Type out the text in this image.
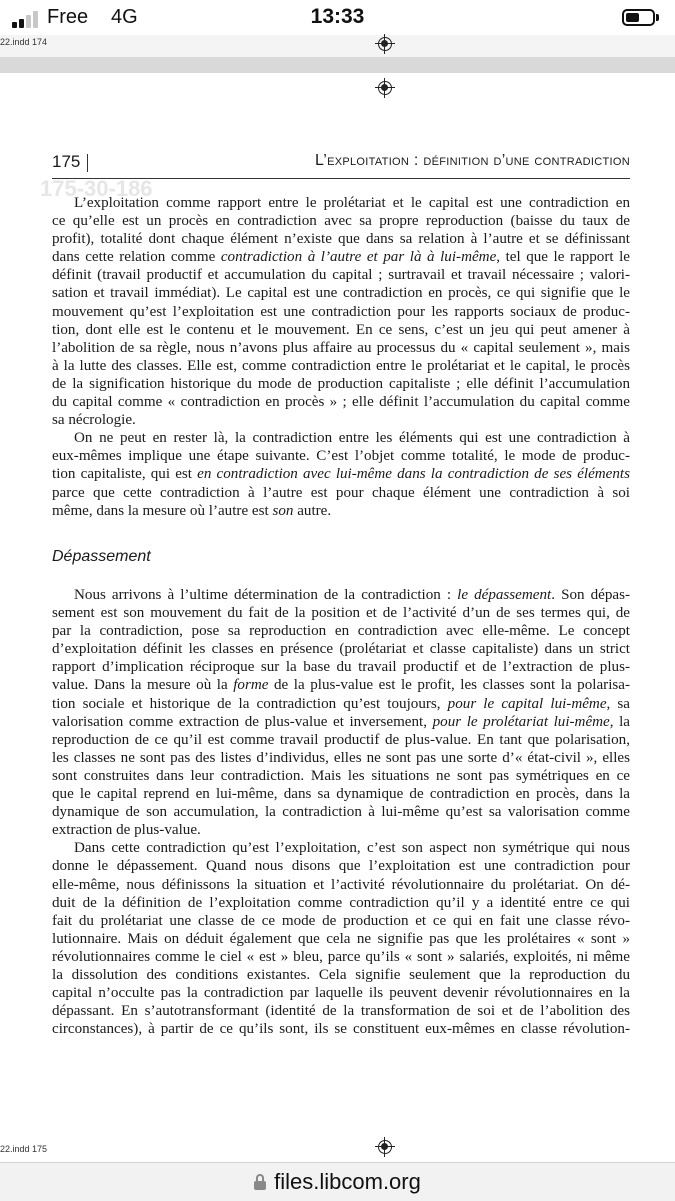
Free 4G	13:33
22.indd 174
175	L’exploitation : définition d’une contradiction
175-30-186

L’exploitation comme rapport entre le prolétariat et le capital est une contradiction en
ce qu’elle est un procès en contradiction avec sa propre reproduction (baisse du taux de
profit), totalité dont chaque élément n’existe que dans sa relation à l’autre et se définissant
dans cette relation comme contradiction à l’autre et par là à lui-même, tel que le rapport le
définit (travail productif et accumulation du capital ; surtravail et travail nécessaire ; valori-
sation et travail immédiat). Le capital est une contradiction en procès, ce qui signifie que le
mouvement qu’est l’exploitation est une contradiction pour les rapports sociaux de produc-
tion, dont elle est le contenu et le mouvement. En ce sens, c’est un jeu qui peut amener à
l’abolition de sa règle, nous n’avons plus affaire au processus du « capital seulement », mais
à la lutte des classes. Elle est, comme contradiction entre le prolétariat et le capital, le procès
de la signification historique du mode de production capitaliste ; elle définit l’accumulation
du capital comme « contradiction en procès » ; elle définit l’accumulation du capital comme
sa nécrologie.

On ne peut en rester là, la contradiction entre les éléments qui est une contradiction à
eux-mêmes implique une étape suivante. C’est l’objet comme totalité, le mode de produc-
tion capitaliste, qui est en contradiction avec lui-même dans la contradiction de ses éléments
parce que cette contradiction à l’autre est pour chaque élément une contradiction à soi
même, dans la mesure où l’autre est son autre.

Dépassement

Nous arrivons à l’ultime détermination de la contradiction : le dépassement. Son dépas-
sement est son mouvement du fait de la position et de l’activité d’un de ses termes qui, de
par la contradiction, pose sa reproduction en contradiction avec elle-même. Le concept
d’exploitation définit les classes en présence (prolétariat et classe capitaliste) dans un strict
rapport d’implication réciproque sur la base du travail productif et de l’extraction de plus-
value. Dans la mesure où la forme de la plus-value est le profit, les classes sont la polarisa-
tion sociale et historique de la contradiction qu’est toujours, pour le capital lui-même, sa
valorisation comme extraction de plus-value et inversement, pour le prolétariat lui-même, la
reproduction de ce qu’il est comme travail productif de plus-value. En tant que polarisation,
les classes ne sont pas des listes d’individus, elles ne sont pas une sorte d’« état-civil », elles
sont construites dans leur contradiction. Mais les situations ne sont pas symétriques en ce
que le capital reprend en lui-même, dans sa dynamique de contradiction en procès, dans la
dynamique de son accumulation, la contradiction à lui-même qu’est sa valorisation comme
extraction de plus-value.

Dans cette contradiction qu’est l’exploitation, c’est son aspect non symétrique qui nous
donne le dépassement. Quand nous disons que l’exploitation est une contradiction pour
elle-même, nous définissons la situation et l’activité révolutionnaire du prolétariat. On dé-
duit de la définition de l’exploitation comme contradiction qu’il y a identité entre ce qui
fait du prolétariat une classe de ce mode de production et ce qui en fait une classe révo-
lutionnaire. Mais on déduit également que cela ne signifie pas que les prolétaires « sont »
révolutionnaires comme le ciel « est » bleu, parce qu’ils « sont » salariés, exploités, ni même
la dissolution des conditions existantes. Cela signifie seulement que la reproduction du
capital n’occulte pas la contradiction par laquelle ils peuvent devenir révolutionnaires en la
dépassant. En s’autotransformant (identité de la transformation de soi et de l’abolition des
circonstances), à partir de ce qu’ils sont, ils se constituent eux-mêmes en classe révolution-

22.indd 175
files.libcom.org
